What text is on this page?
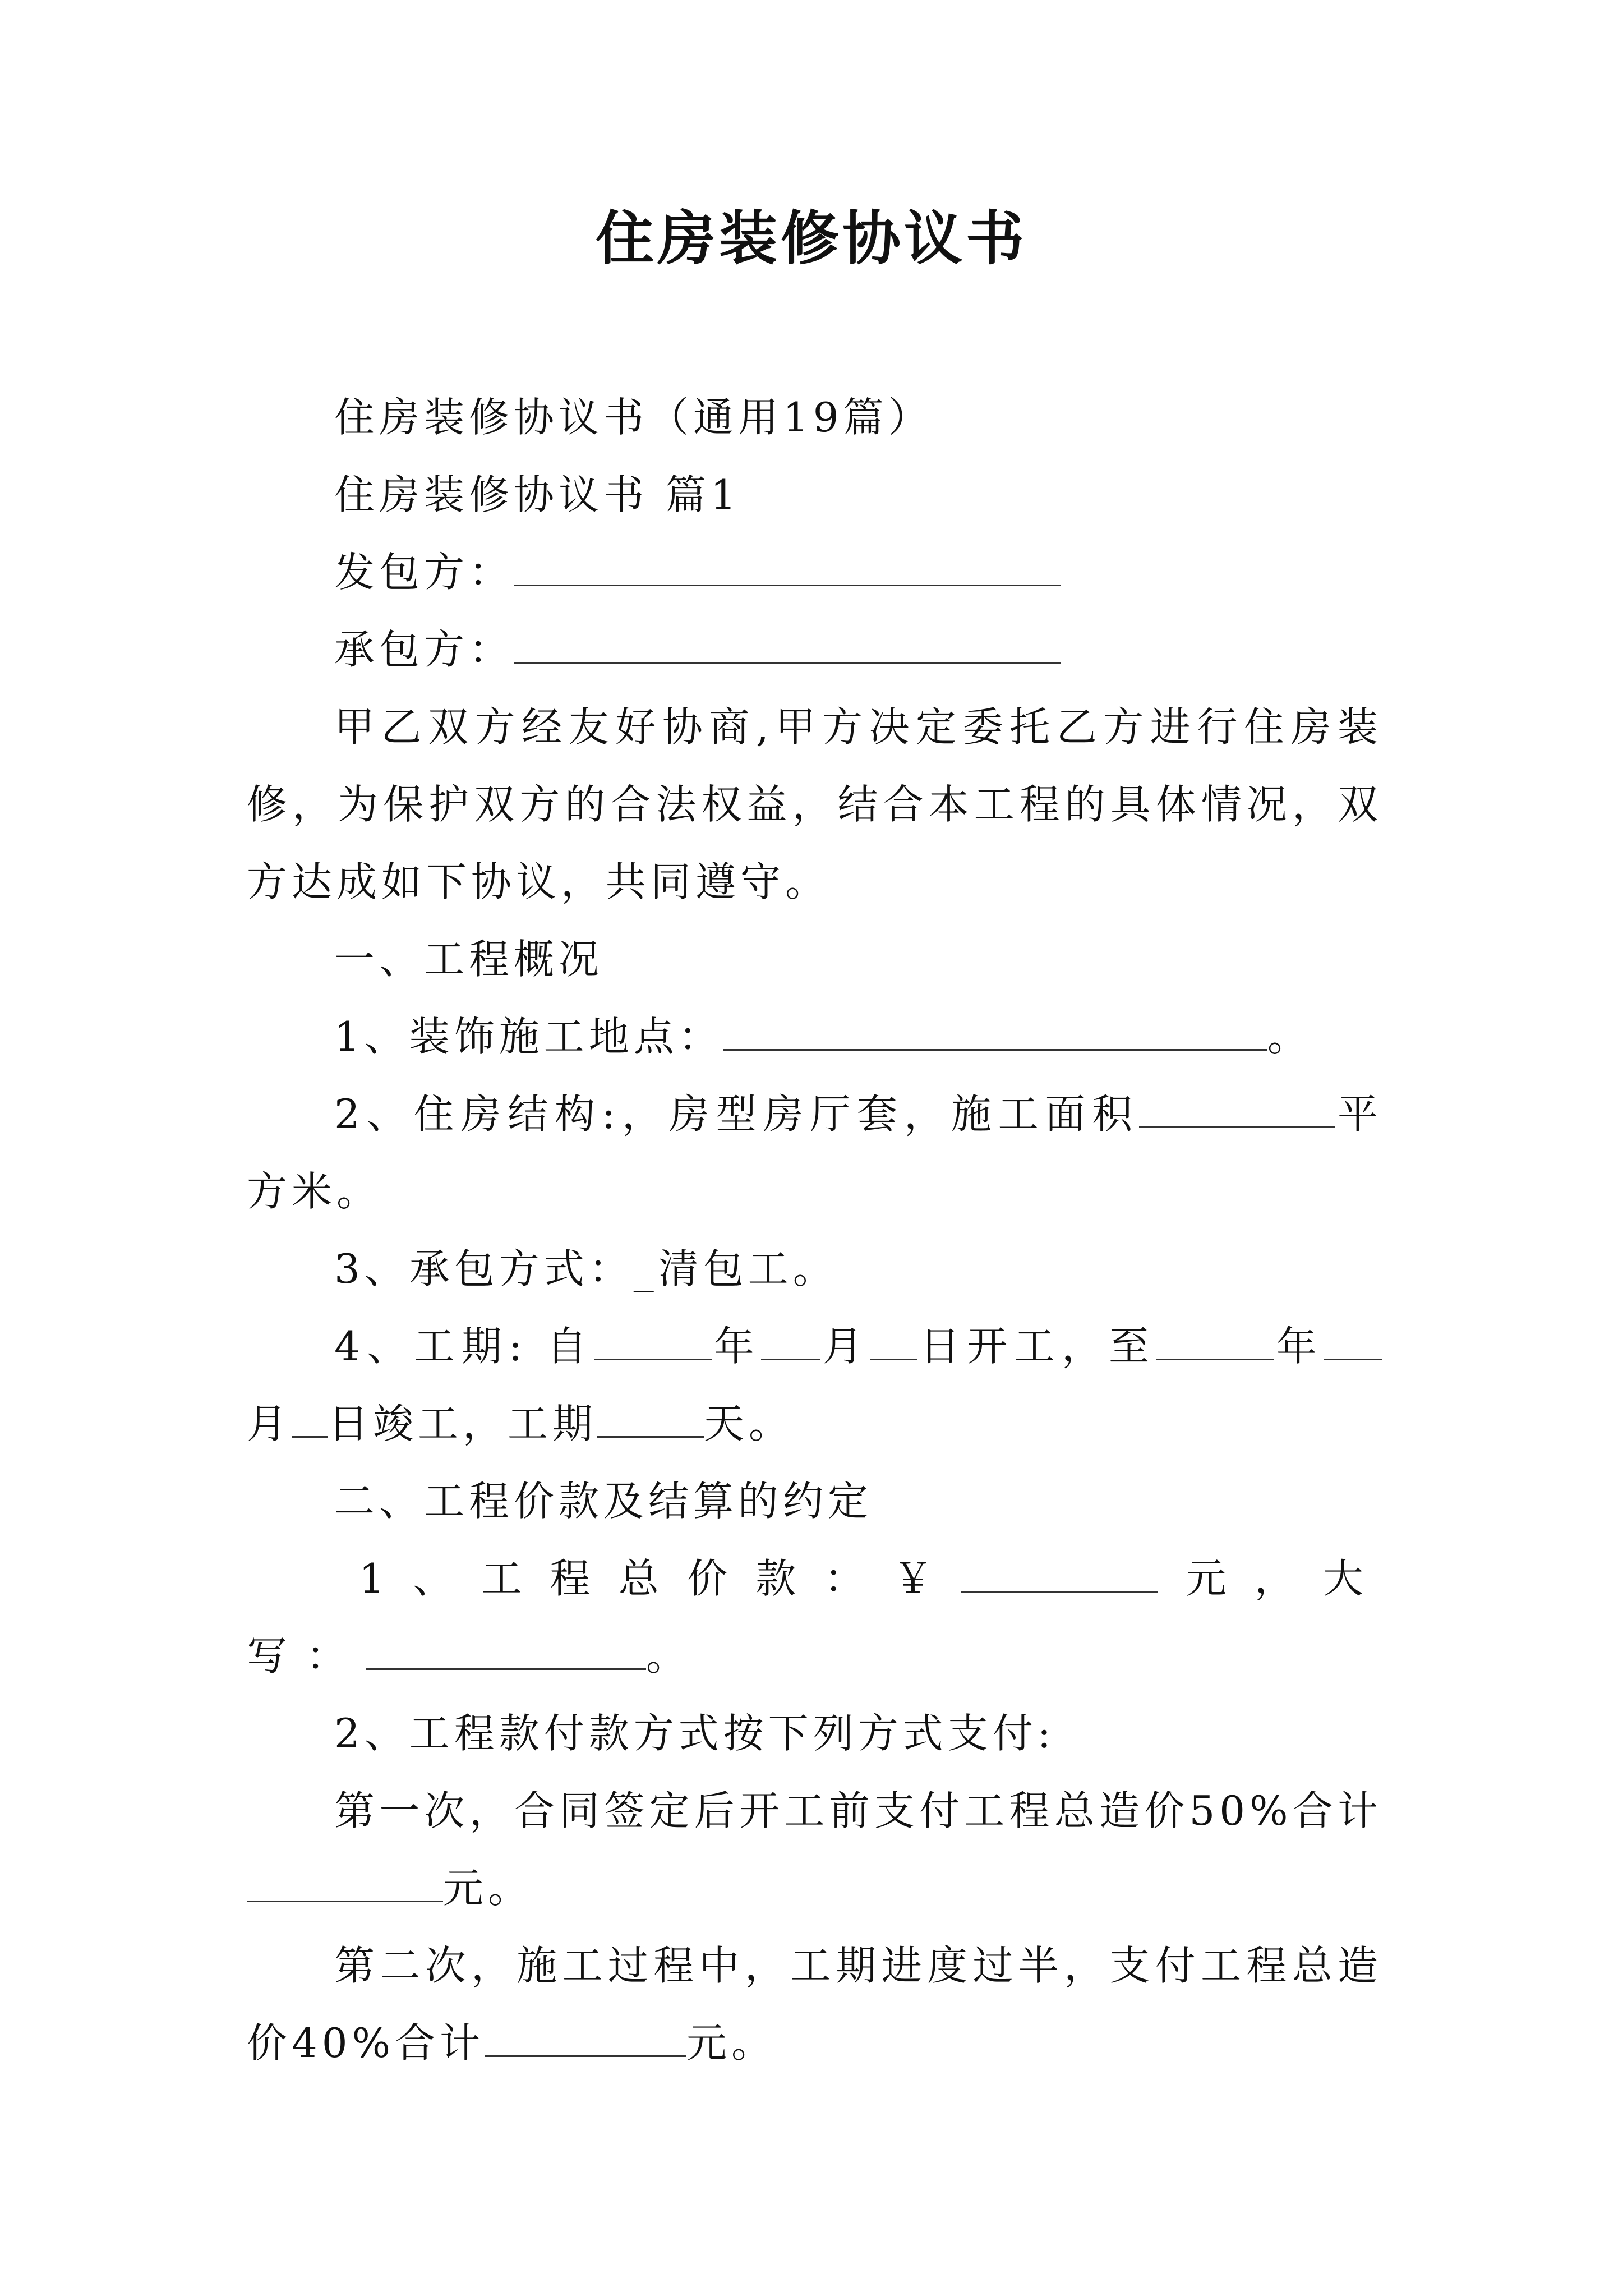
住房装修协议书

住房装修协议书（通用19篇）

住房装修协议书 篇1

发包方：

承包方：

甲乙双方经友好协商,甲方决定委托乙方进行住房装修，为保护双方的合法权益，结合本工程的具体情况，双方达成如下协议，共同遵守。

一、工程概况

1、装饰施工地点：	。

2、住房结构:，房型房厅套，施工面积	平方米。

3、承包方式：_清包工。

4、工期: 自	年 月 日开工，至	年月 日竣工，工期	天。

二、工程价款及结算的约定

1、工程总价款：￥	元，大写：	。

2、工程款付款方式按下列方式支付:

第一次，合同签定后开工前支付工程总造价50%合计元。

第二次，施工过程中，工期进度过半，支付工程总造价40%合计	元。
